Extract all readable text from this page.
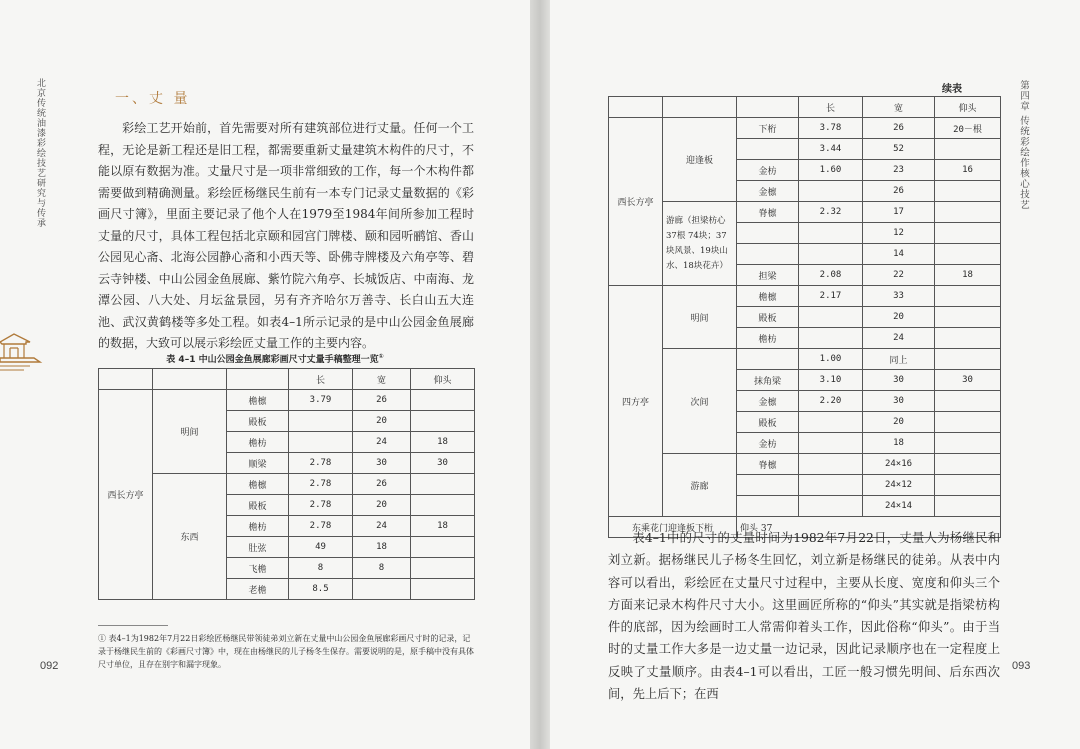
北京传统油漆彩绘技艺研究与传承	一、丈 量

彩绘工艺开始前，首先需要对所有建筑部位进行丈量。任何一个工程，无论是新工程还是旧工程，都需要重新丈量建筑木构件的尺寸，不能以原有数据为准。丈量尺寸是一项非常细致的工作，每一个木构件都需要做到精确测量。彩绘匠杨继民生前有一本专门记录丈量数据的《彩画尺寸簿》，里面主要记录了他个人在1979至1984年间所参加工程时丈量的尺寸，具体工程包括北京颐和园宫门牌楼、颐和园听鹂馆、香山公园见心斋、北海公园静心斋和小西天等、卧佛寺牌楼及六角亭等、碧云寺钟楼、中山公园金鱼展廊、紫竹院六角亭、长城饭店、中南海、龙潭公园、八大处、月坛盆景园，另有齐齐哈尔万善寺、长白山五大连池、武汉黄鹤楼等多处工程。如表4–1所示记录的是中山公园金鱼展廊的数据，大致可以展示彩绘匠丈量工作的主要内容。

表 4–1 中山公园金鱼展廊彩画尺寸丈量手稿整理一览①
			长	宽	仰头
西长方亭	明间	檐檩	3.79	26	
		殿板		20	
		檐枋		24	18
		顺梁	2.78	30	30
	东西	檐檩	2.78	26	
		殿板	2.78	20	
		檐枋	2.78	24	18
		肚弦	49	18	
		飞檐	8	8	
		老檐	8.5		

① 表4–1为1982年7月22日彩绘匠杨继民带领徒弟刘立新在丈量中山公园金鱼展廊彩画尺寸时的记录，记录于杨继民生前的《彩画尺寸簿》中，现在由杨继民的儿子杨冬生保存。需要说明的是，原手稿中没有具体尺寸单位，且存在别字和漏字现象。

092
第四章 传统彩绘作核心技艺
续表
			长	宽	仰头
西长方亭	迎逢板	下桁	3.78	26	20－根
			3.44	52	
		金枋	1.60	23	16
		金檩		26	
	游廊（担梁枋心37根 74块；37块风景、19块山水、18块花卉）	脊檩	2.32	17	
				12	
				14	
		担梁	2.08	22	18
四方亭	明间	檐檩	2.17	33	
		殿板		20	
		檐枋		24	
	次间		1.00	同上	
		抹角梁	3.10	30	30
		金檩	2.20	30	
		殿板		20	
		金枋		18	
	游廊	脊檩		24×16	
				24×12	
				24×14	
东乘花门迎逢板下桁		仰头 37			

表4–1中的尺寸的丈量时间为1982年7月22日，丈量人为杨继民和刘立新。据杨继民儿子杨冬生回忆，刘立新是杨继民的徒弟。从表中内容可以看出，彩绘匠在丈量尺寸过程中，主要从长度、宽度和仰头三个方面来记录木构件尺寸大小。这里画匠所称的“仰头”其实就是指梁枋构件的底部，因为绘画时工人常需仰着头工作，因此俗称“仰头”。由于当时的丈量工作大多是一边丈量一边记录，因此记录顺序也在一定程度上反映了丈量顺序。由表4–1可以看出，工匠一般习惯先明间、后东西次间，先上后下；在西

093
